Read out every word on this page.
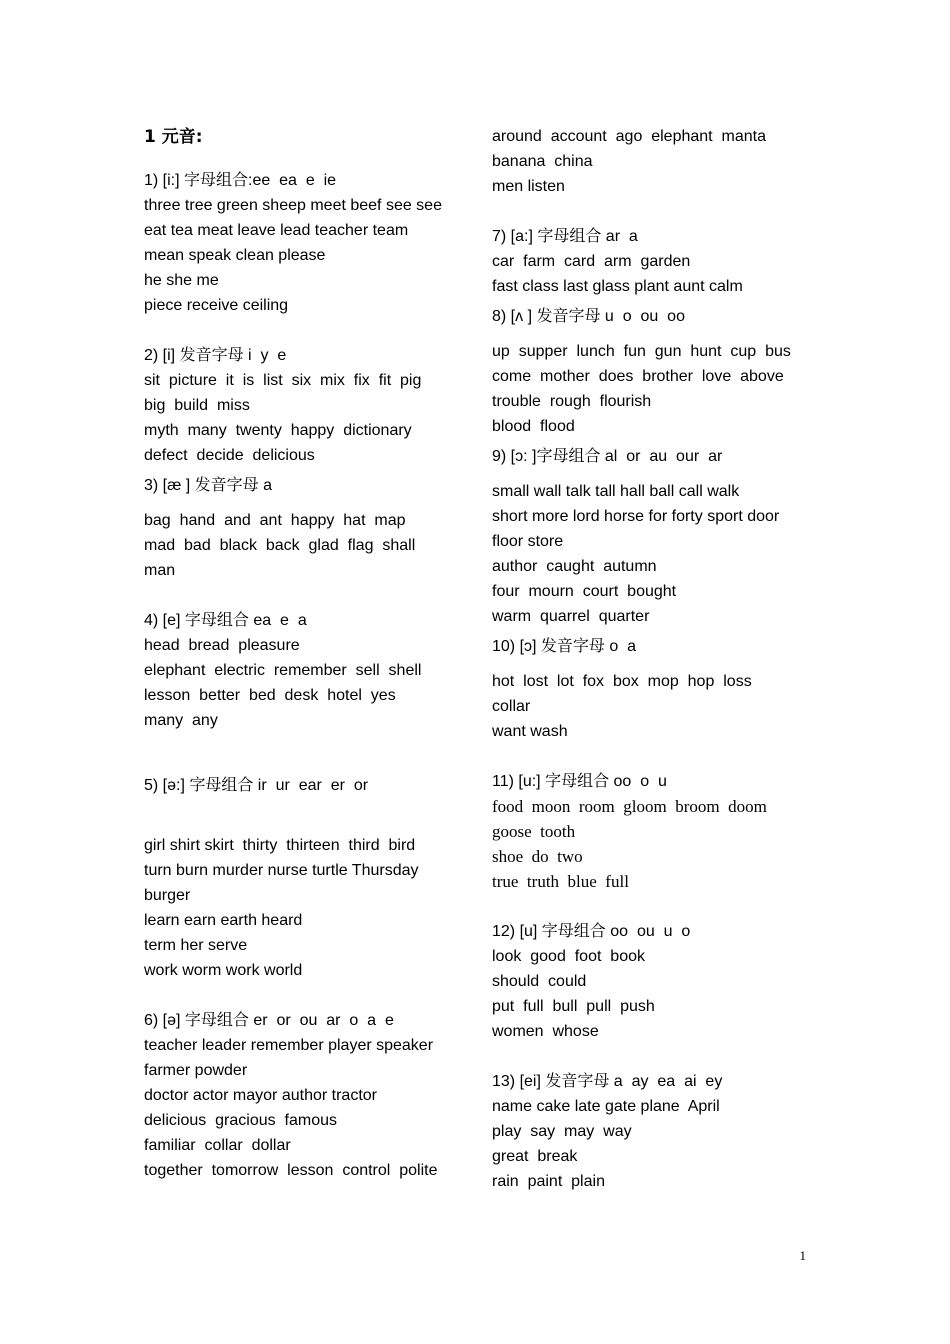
1 元音:
1) [i:] 字母组合:ee  ea  e  ie
three tree green sheep meet beef see see
eat tea meat leave lead teacher team
mean speak clean please
he she me
piece receive ceiling
2) [i] 发音字母 i  y  e
sit  picture  it  is  list  six  mix  fix  fit  pig
big  build  miss
myth  many  twenty  happy  dictionary
defect  decide  delicious
3) [æ ] 发音字母 a
bag  hand  and  ant  happy  hat  map
mad  bad  black  back  glad  flag  shall
man
4) [e] 字母组合 ea  e  a
head  bread  pleasure
elephant  electric  remember  sell  shell
lesson  better  bed  desk  hotel  yes
many  any
5) [ə:] 字母组合 ir  ur  ear  er  or
girl shirt skirt  thirty  thirteen  third  bird
turn burn murder nurse turtle Thursday
burger
learn earn earth heard
term her serve
work worm work world
6) [ə] 字母组合 er  or  ou  ar  o  a  e
teacher leader remember player speaker
farmer powder
doctor actor mayor author tractor
delicious  gracious  famous
familiar  collar  dollar
together  tomorrow  lesson  control  polite
around  account  ago  elephant  manta
banana  china
men listen
7) [a:] 字母组合 ar  a
car  farm  card  arm  garden
fast class last glass plant aunt calm
8) [ʌ ] 发音字母 u  o  ou  oo
up  supper  lunch  fun  gun  hunt  cup  bus
come  mother  does  brother  love  above
trouble  rough  flourish
blood  flood
9) [ɔ: ]字母组合 al  or  au  our  ar
small wall talk tall hall ball call walk
short more lord horse for forty sport door
floor store
author  caught  autumn
four  mourn  court  bought
warm  quarrel  quarter
10) [ɔ] 发音字母 o  a
hot  lost  lot  fox  box  mop  hop  loss
collar
want wash
11) [u:] 字母组合 oo  o  u
food  moon  room  gloom  broom  doom
goose  tooth
shoe  do  two
true  truth  blue  full
12) [u] 字母组合 oo  ou  u  o
look  good  foot  book
should  could
put  full  bull  pull  push
women  whose
13) [ei] 发音字母 a  ay  ea  ai  ey
name cake late gate plane  April
play  say  may  way
great  break
rain  paint  plain
1
